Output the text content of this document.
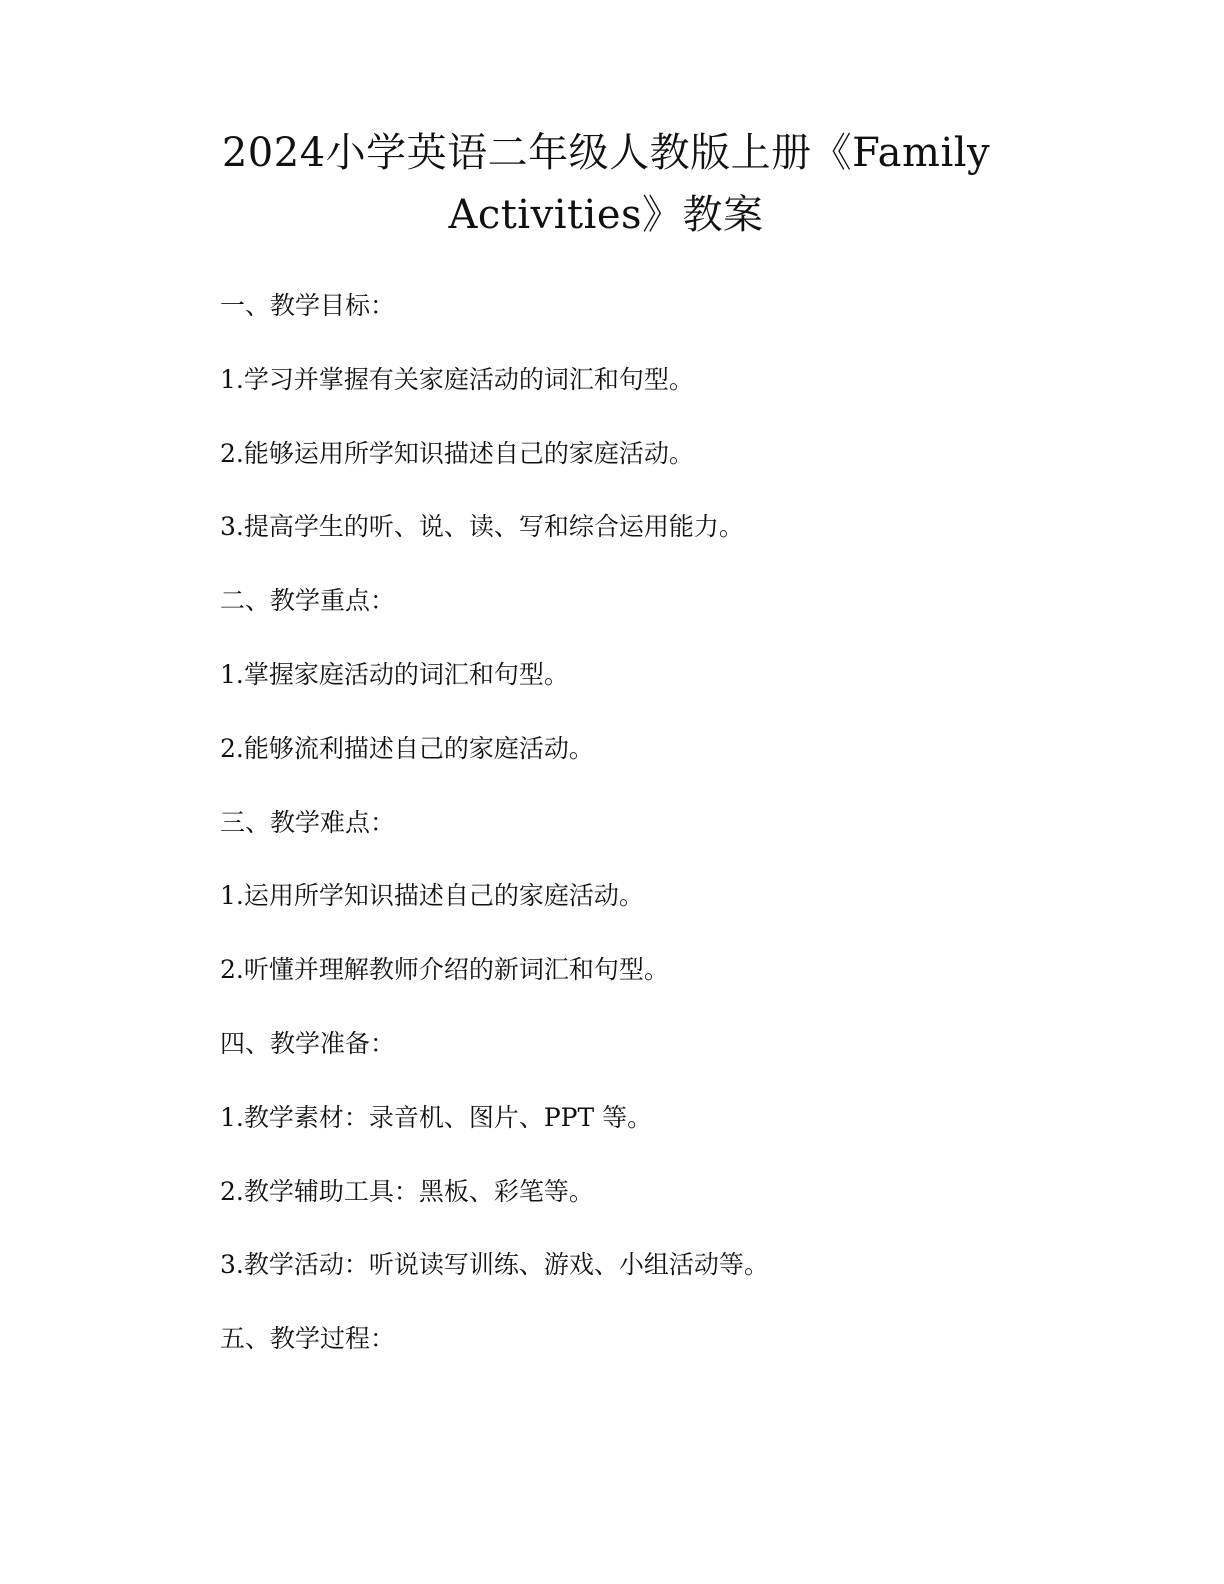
2024小学英语二年级人教版上册《Family
Activities》教案
一、教学目标：
1.学习并掌握有关家庭活动的词汇和句型。
2.能够运用所学知识描述自己的家庭活动。
3.提高学生的听、说、读、写和综合运用能力。
二、教学重点：
1.掌握家庭活动的词汇和句型。
2.能够流利描述自己的家庭活动。
三、教学难点：
1.运用所学知识描述自己的家庭活动。
2.听懂并理解教师介绍的新词汇和句型。
四、教学准备：
1.教学素材：录音机、图片、PPT 等。
2.教学辅助工具：黑板、彩笔等。
3.教学活动：听说读写训练、游戏、小组活动等。
五、教学过程：
